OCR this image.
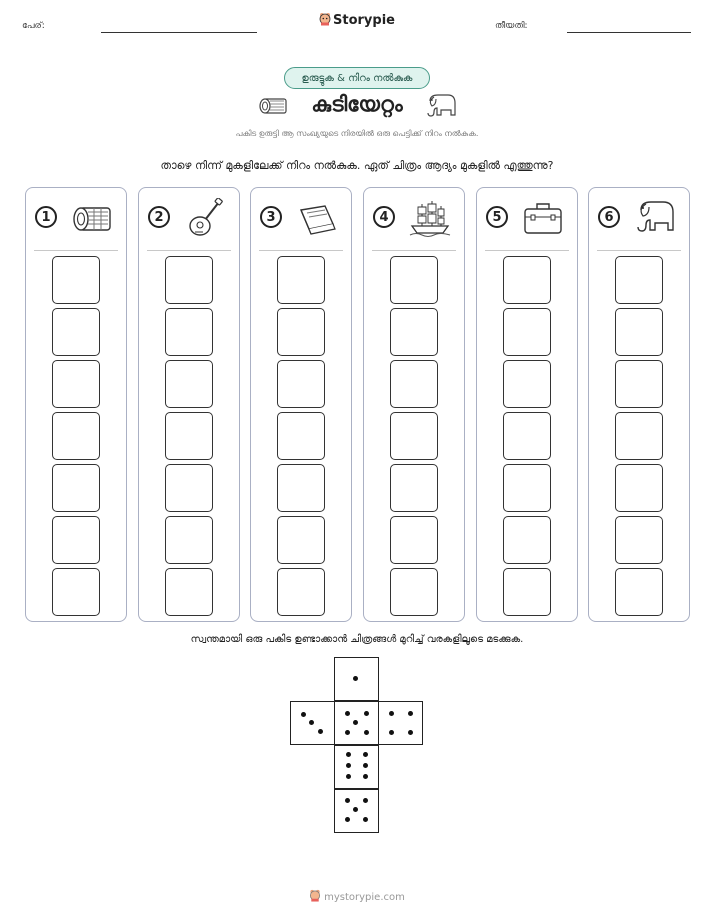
പേര്:	Storypie	തീയതി:
ഉരുട്ടുക & നിറം നൽകുക
കുടിയേറ്റം
പകിട ഉരുട്ടി ആ സംഖ്യയുടെ നിരയിൽ ഒരു പെട്ടിക്ക് നിറം നൽകുക.
താഴെ നിന്ന് മുകളിലേക്ക് നിറം നൽകുക. ഏത് ചിത്രം ആദ്യം മുകളിൽ എത്തുന്നു?
1	2	3	4	5	6
സ്വന്തമായി ഒരു പകിട ഉണ്ടാക്കാൻ ചിത്രങ്ങൾ മുറിച്ച് വരകളിലൂടെ മടക്കുക.
mystorypie.com
